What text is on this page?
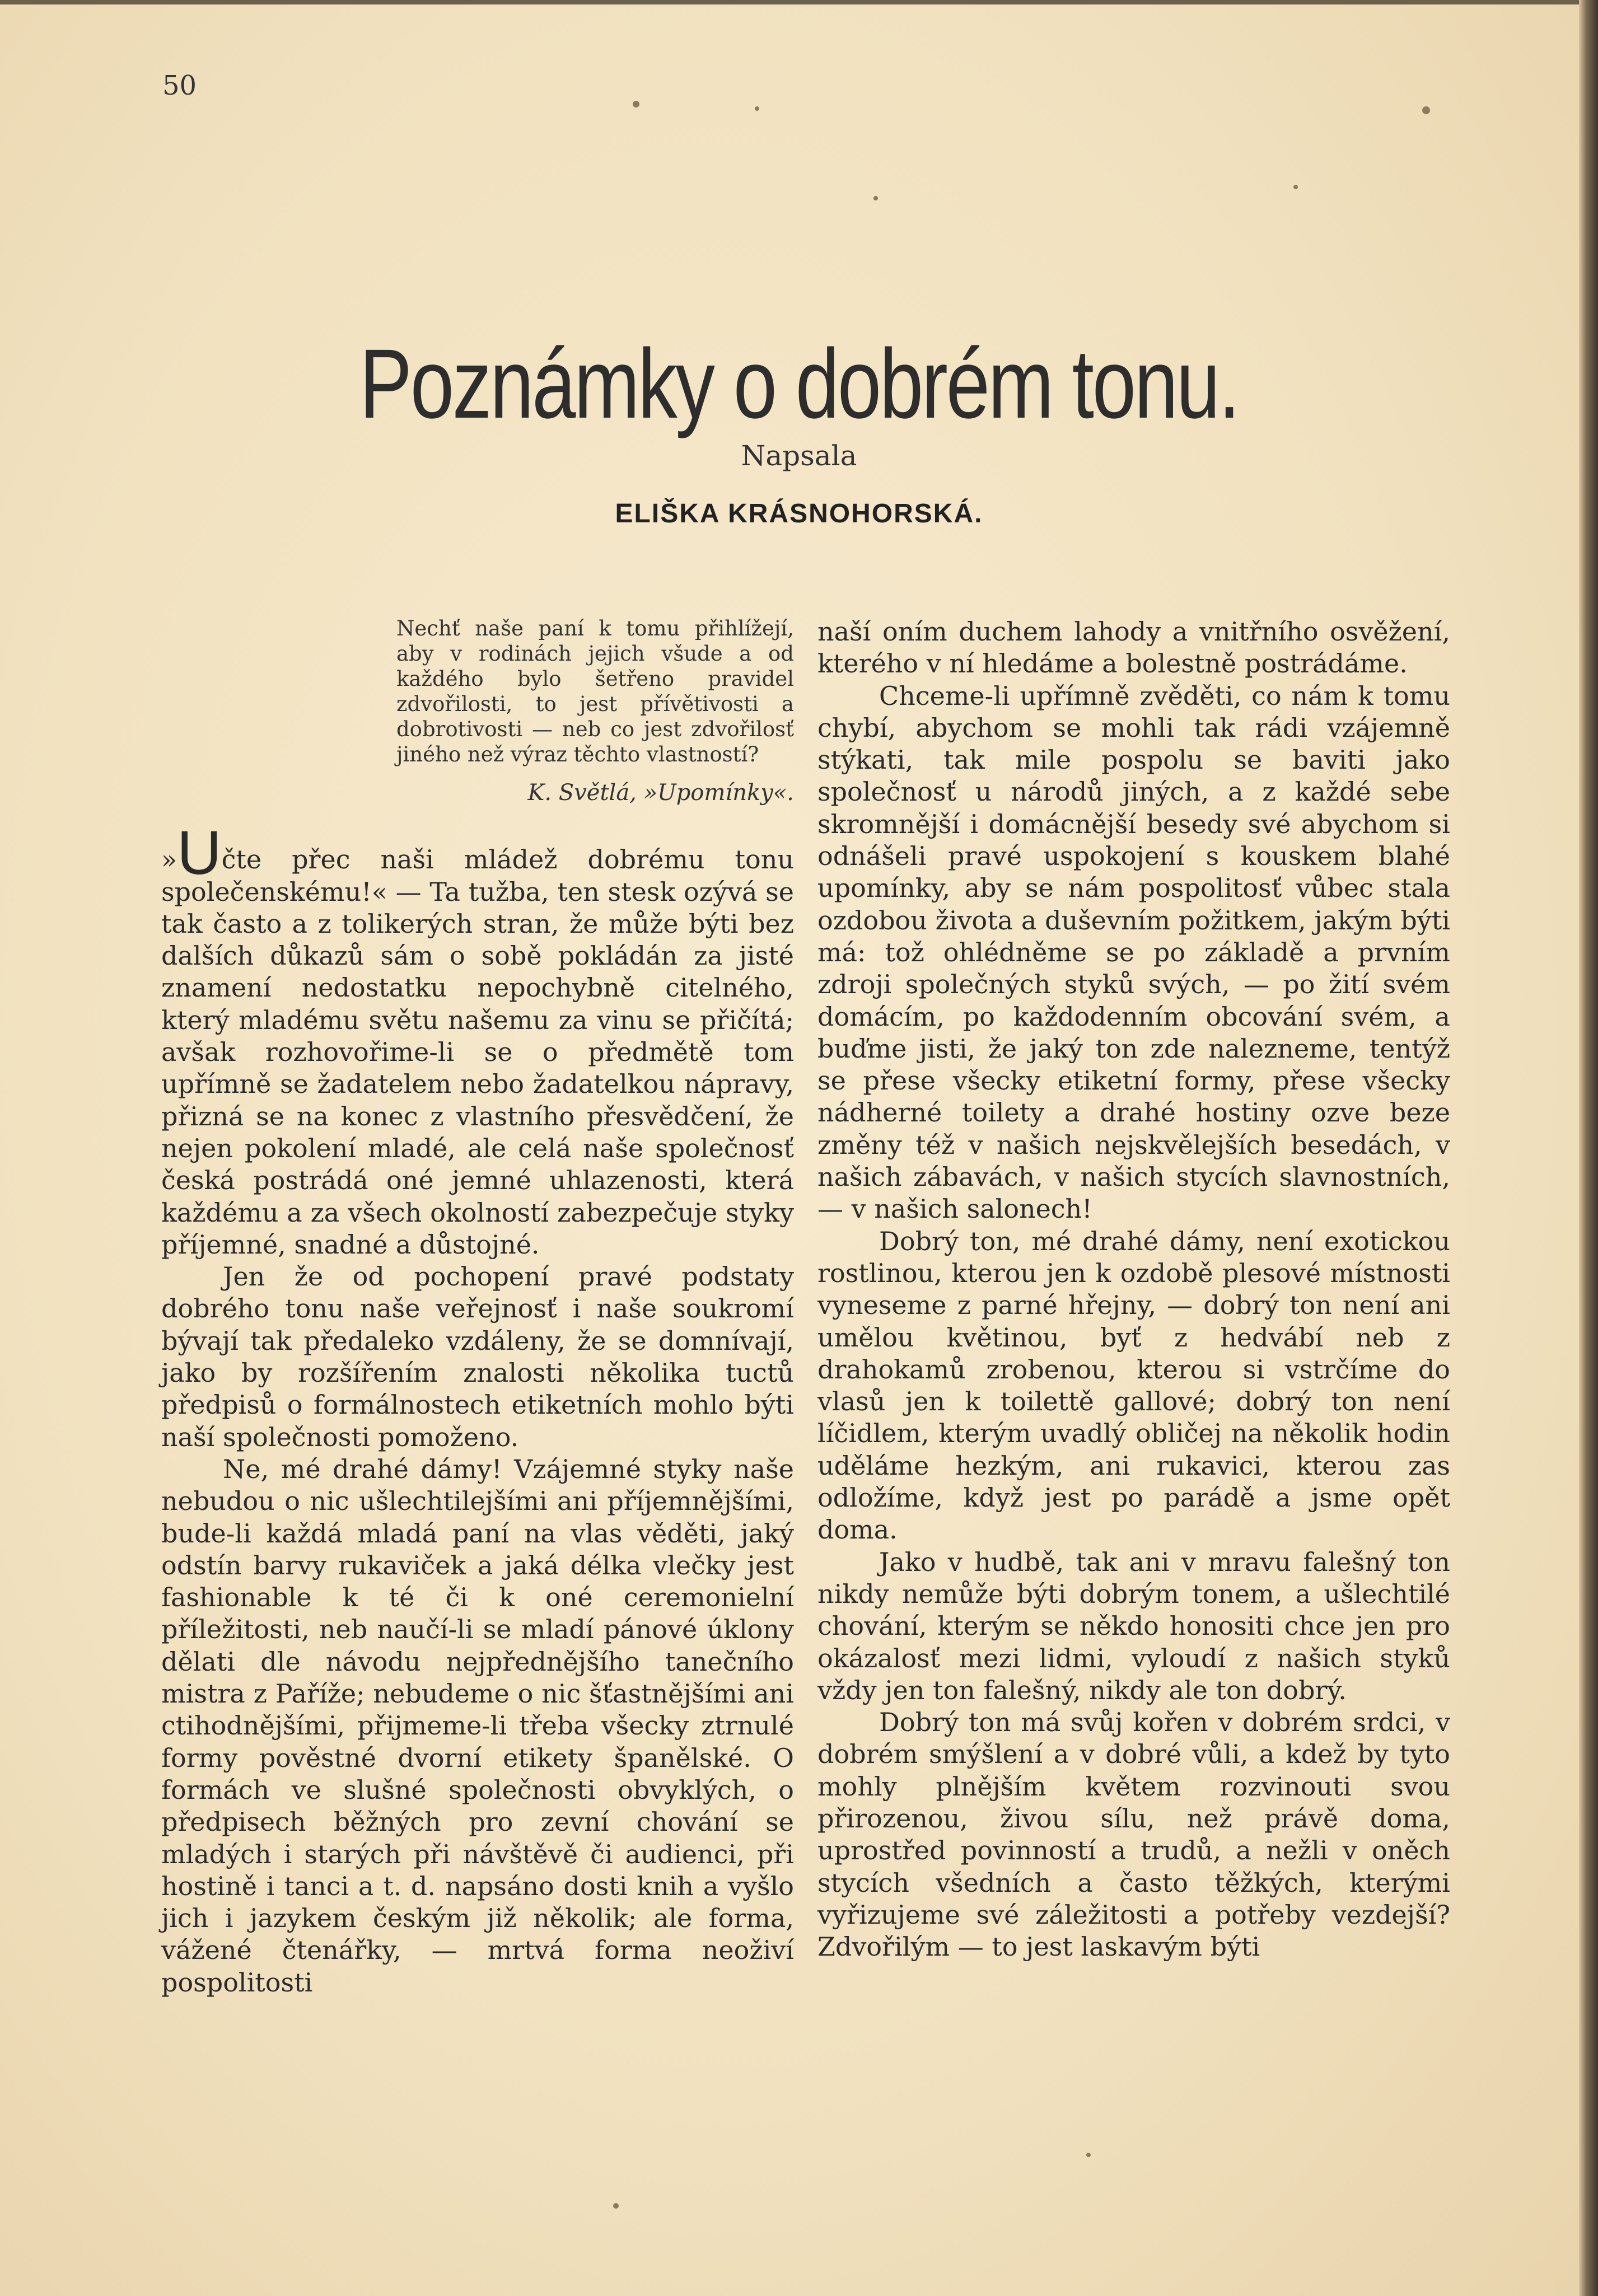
50
Poznámky o dobrém tonu.
Napsala
ELIŠKA KRÁSNOHORSKÁ.
Nechť naše paní k tomu přihlížejí, aby v rodinách jejich všude a od každého bylo šetřeno pravidel zdvořilosti, to jest přívětivosti a dobrotivosti — neb co jest zdvořilosť jiného než výraz těchto vlastností?
K. Světlá, »Upomínky«.

»Učte přec naši mládež dobrému tonu společenskému!« — Ta tužba, ten stesk ozývá se tak často a z tolikerých stran, že může býti bez dalších důkazů sám o sobě pokládán za jisté znamení nedostatku nepochybně citelného, který mladému světu našemu za vinu se přičítá; avšak rozhovořime-li se o předmětě tom upřímně se žadatelem nebo žadatelkou nápravy, přizná se na konec z vlastního přesvědčení, že nejen pokolení mladé, ale celá naše společnosť česká postrádá oné jemné uhlazenosti, která každému a za všech okolností zabezpečuje styky příjemné, snadné a důstojné.

Jen že od pochopení pravé podstaty dobrého tonu naše veřejnosť i naše soukromí bývají tak předaleko vzdáleny, že se domnívají, jako by rozšířením znalosti několika tuctů předpisů o formálnostech etiketních mohlo býti naší společnosti pomoženo.

Ne, mé drahé dámy! Vzájemné styky naše nebudou o nic ušlechtilejšími ani příjemnějšími, bude-li každá mladá paní na vlas věděti, jaký odstín barvy rukaviček a jaká délka vlečky jest fashionable k té či k oné ceremonielní příležitosti, neb naučí-li se mladí pánové úklony dělati dle návodu nejpřednějšího tanečního mistra z Paříže; nebudeme o nic šťastnějšími ani ctihodnějšími, přijmeme-li třeba všecky ztrnulé formy pověstné dvorní etikety španělské. O formách ve slušné společnosti obvyklých, o předpisech běžných pro zevní chování se mladých i starých při návštěvě či audienci, při hostině i tanci a t. d. napsáno dosti knih a vyšlo jich i jazykem českým již několik; ale forma, vážené čtenářky, — mrtvá forma neoživí pospolitosti

naší oním duchem lahody a vnitřního osvěžení, kterého v ní hledáme a bolestně postrádáme.

Chceme-li upřímně zvěděti, co nám k tomu chybí, abychom se mohli tak rádi vzájemně stýkati, tak mile pospolu se baviti jako společnosť u národů jiných, a z každé sebe skromnější i domácnější besedy své abychom si odnášeli pravé uspokojení s kouskem blahé upomínky, aby se nám pospolitosť vůbec stala ozdobou života a duševním požitkem, jakým býti má: tož ohlédněme se po základě a prvním zdroji společných styků svých, — po žití svém domácím, po každodenním obcování svém, a buďme jisti, že jaký ton zde nalezneme, tentýž se přese všecky etiketní formy, přese všecky nádherné toilety a drahé hostiny ozve beze změny též v našich nejskvělejších besedách, v našich zábavách, v našich stycích slavnostních, — v našich salonech!

Dobrý ton, mé drahé dámy, není exotickou rostlinou, kterou jen k ozdobě plesové místnosti vyneseme z parné hřejny, — dobrý ton není ani umělou květinou, byť z hedvábí neb z drahokamů zrobenou, kterou si vstrčíme do vlasů jen k toilettě gallové; dobrý ton není líčidlem, kterým uvadlý obličej na několik hodin uděláme hezkým, ani rukavici, kterou zas odložíme, když jest po parádě a jsme opět doma.

Jako v hudbě, tak ani v mravu falešný ton nikdy nemůže býti dobrým tonem, a ušlechtilé chování, kterým se někdo honositi chce jen pro okázalosť mezi lidmi, vyloudí z našich styků vždy jen ton falešný, nikdy ale ton dobrý.

Dobrý ton má svůj kořen v dobrém srdci, v dobrém smýšlení a v dobré vůli, a kdež by tyto mohly plnějším květem rozvinouti svou přirozenou, živou sílu, než právě doma, uprostřed povinností a trudů, a nežli v oněch stycích všedních a často těžkých, kterými vyřizujeme své záležitosti a potřeby vezdejší? Zdvořilým — to jest laskavým býti
